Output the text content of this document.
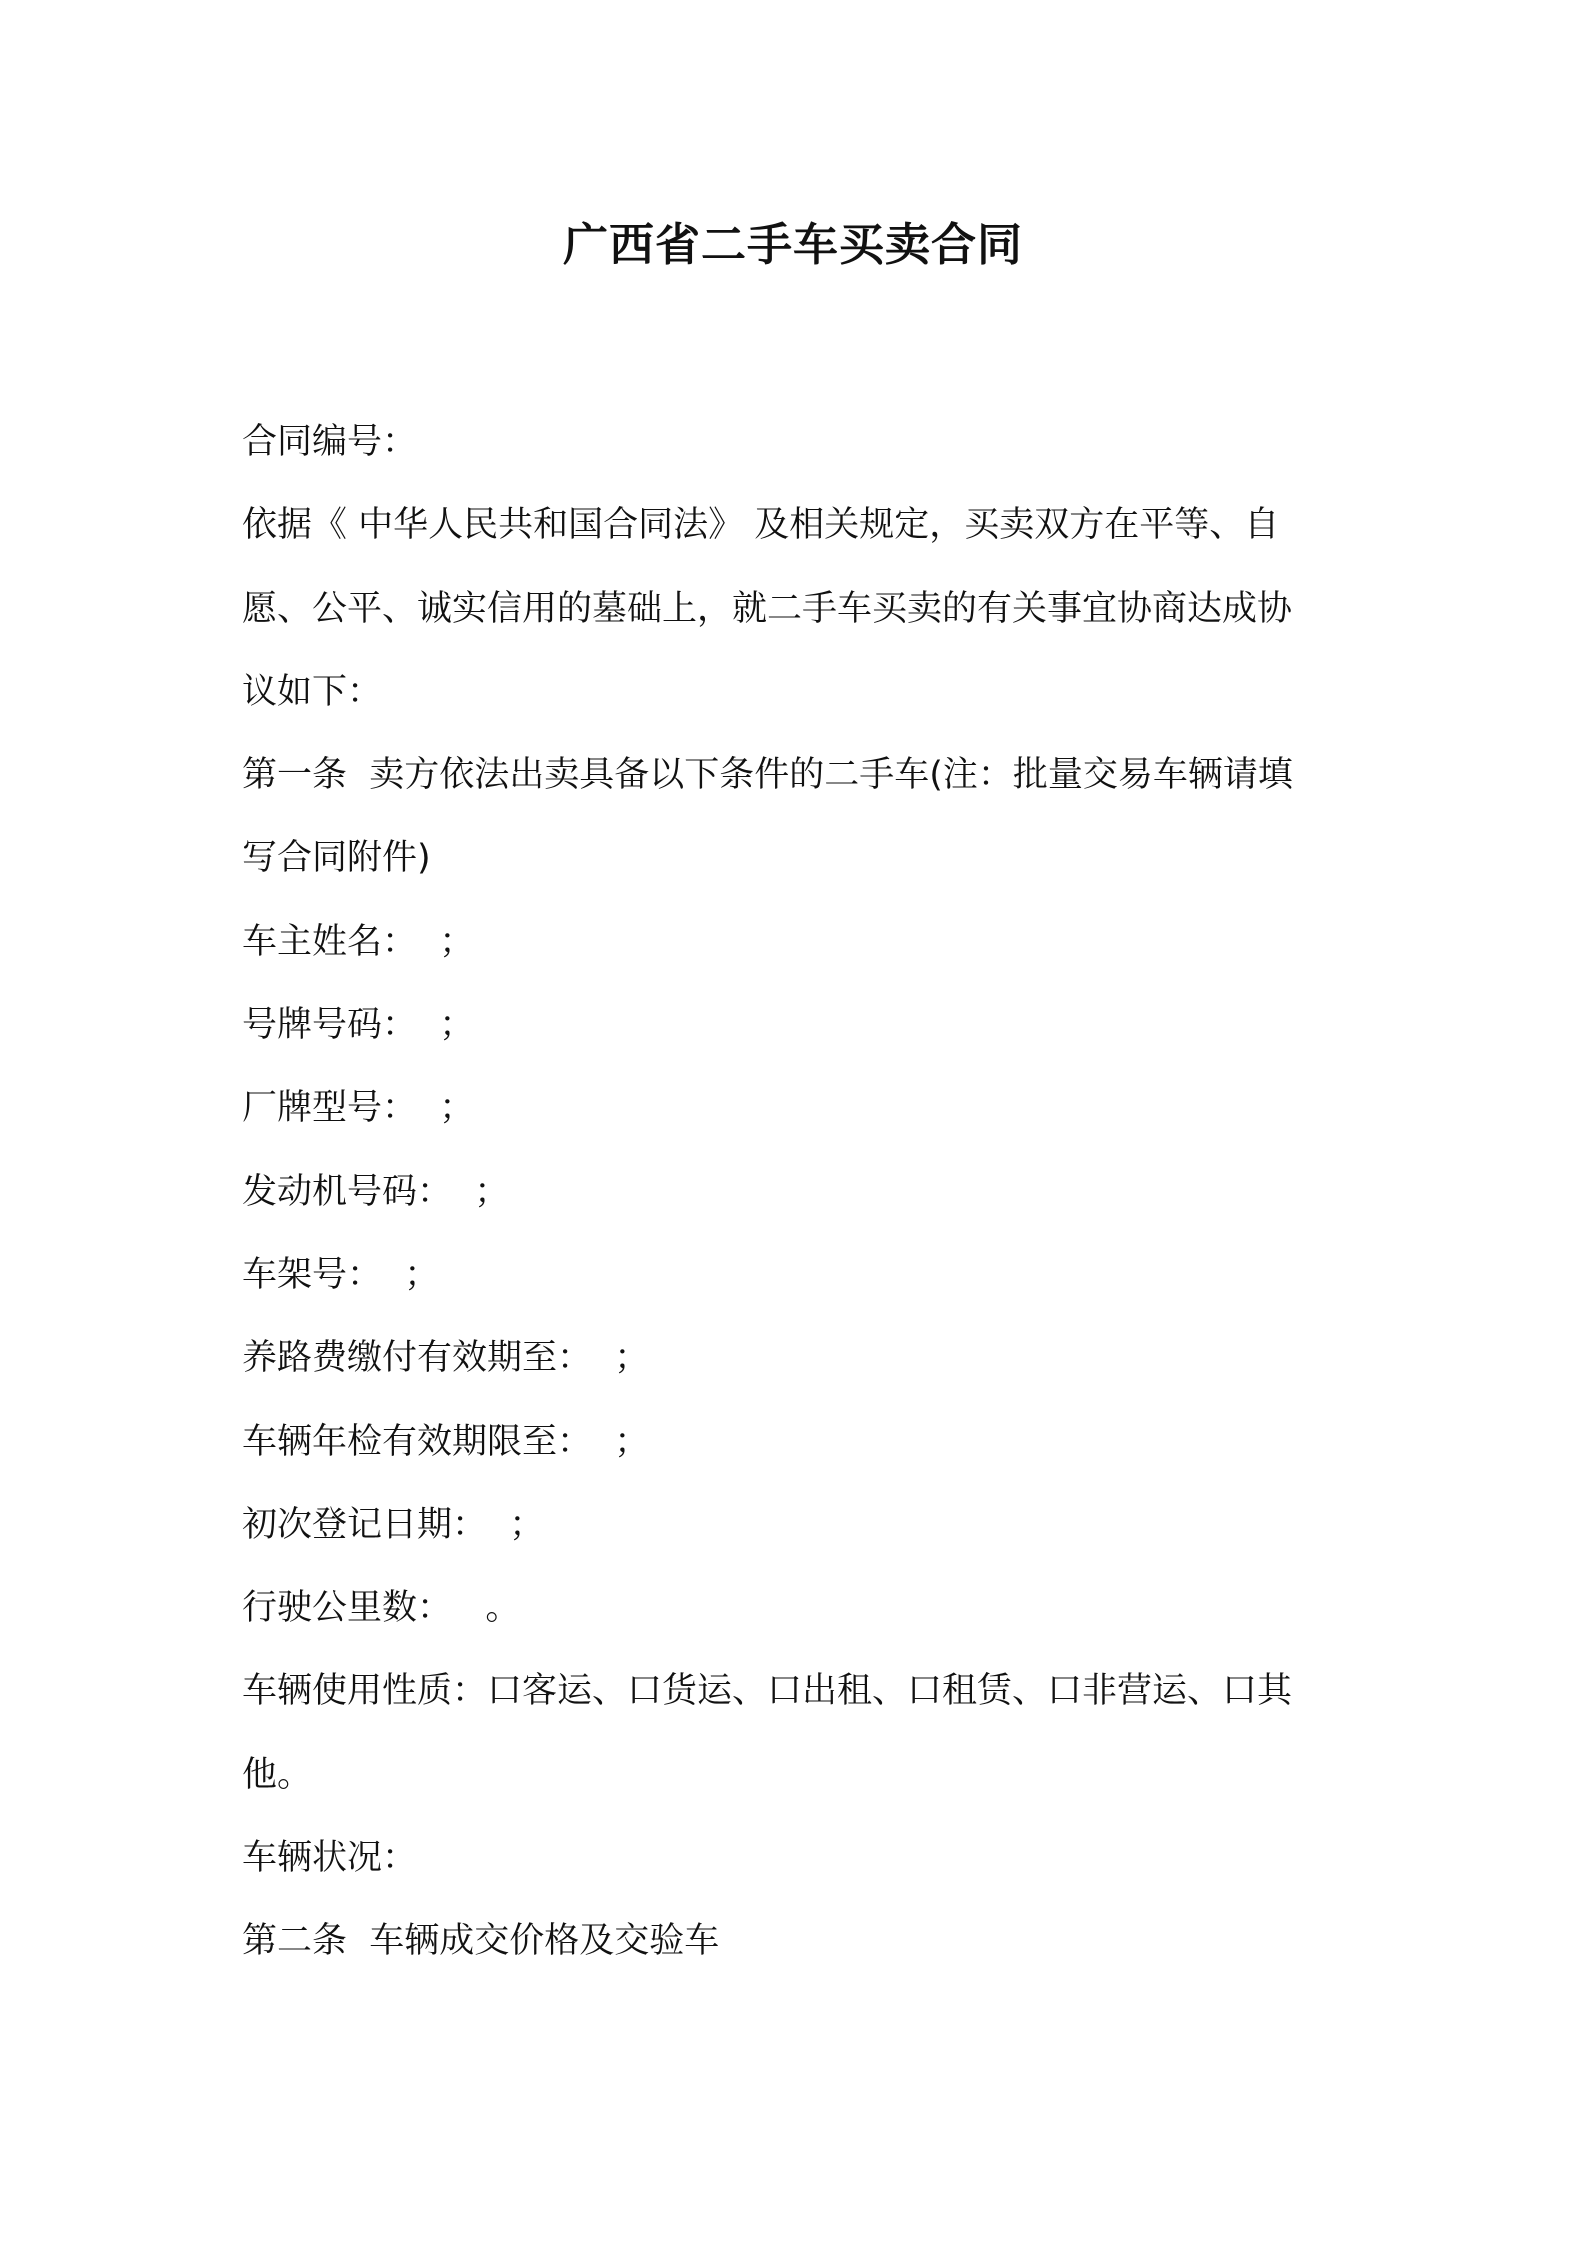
广西省二手车买卖合同

合同编号：

依据《 中华人民共和国合同法》 及相关规定，买卖双方在平等、自

愿、公平、诚实信用的墓础上，就二手车买卖的有关事宜协商达成协

议如下：

第一条  卖方依法出卖具备以下条件的二手车(注：批量交易车辆请填

写合同附件)

车主姓名：  ；

号牌号码：  ；

厂牌型号：  ；

发动机号码：  ；

车架号：  ；

养路费缴付有效期至：  ；

车辆年检有效期限至：  ；

初次登记日期：  ；

行驶公里数：   。

车辆使用性质：口客运、口货运、口出租、口租赁、口非营运、口其

他。

车辆状况：

第二条  车辆成交价格及交验车
